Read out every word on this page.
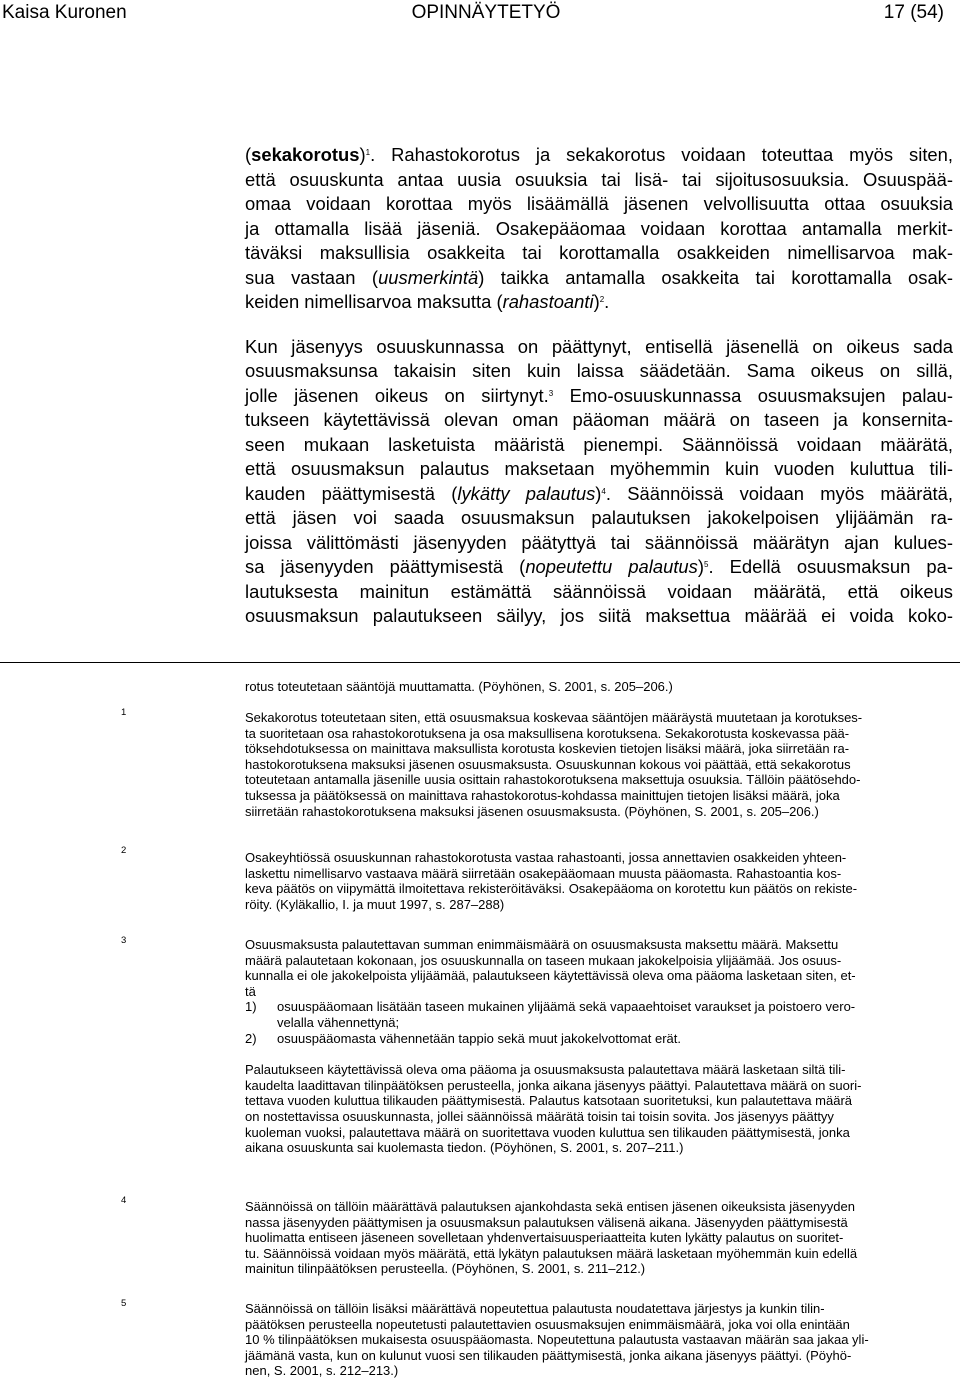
Kaisa Kuronen	OPINNÄYTETYÖ	17 (54)

(sekakorotus)$^1$. Rahastokorotus ja sekakorotus voidaan toteuttaa myös siten,
että osuuskunta antaa uusia osuuksia tai lisä- tai sijoitusosuuksia. Osuuspää-
omaa voidaan korottaa myös lisäämällä jäsenen velvollisuutta ottaa osuuksia
ja ottamalla lisää jäseniä. Osakepääomaa voidaan korottaa antamalla merkit-
täväksi maksullisia osakkeita tai korottamalla osakkeiden nimellisarvoa mak-
sua vastaan (uusmerkintä) taikka antamalla osakkeita tai korottamalla osak-
keiden nimellisarvoa maksutta (rahastoanti)$^2$.

Kun jäsenyys osuuskunnassa on päättynyt, entisellä jäsenellä on oikeus sada
osuusmaksunsa takaisin siten kuin laissa säädetään. Sama oikeus on sillä,
jolle jäsenen oikeus on siirtynyt.$^3$ Emo-osuuskunnassa osuusmaksujen palau-
tukseen käytettävissä olevan oman pääoman määrä on taseen ja konsernita-
seen mukaan lasketuista määristä pienempi. Säännöissä voidaan määrätä,
että osuusmaksun palautus maksetaan myöhemmin kuin vuoden kuluttua tili-
kauden päättymisestä (lykätty palautus)$^4$. Säännöissä voidaan myös määrätä,
että jäsen voi saada osuusmaksun palautuksen jakokelpoisen ylijäämän ra-
joissa välittömästi jäsenyyden päätyttyä tai säännöissä määrätyn ajan kulues-
sa jäsenyyden päättymisestä (nopeutettu palautus)$^5$. Edellä osuusmaksun pa-
lautuksesta mainitun estämättä säännöissä voidaan määrätä, että oikeus
osuusmaksun palautukseen säilyy, jos siitä maksettua määrää ei voida koko-

rotus toteutetaan sääntöjä muuttamatta. (Pöyhönen, S. 2001, s. 205–206.)
1	Sekakorotus toteutetaan siten, että osuusmaksua koskevaa sääntöjen määräystä muutetaan ja korotukses-
ta suoritetaan osa rahastokorotuksena ja osa maksullisena korotuksena. Sekakorotusta koskevassa pää-
töksehdotuksessa on mainittava maksullista korotusta koskevien tietojen lisäksi määrä, joka siirretään ra-
hastokorotuksena maksuksi jäsenen osuusmaksusta. Osuuskunnan kokous voi päättää, että sekakorotus
toteutetaan antamalla jäsenille uusia osittain rahastokorotuksena maksettuja osuuksia. Tällöin päätösehdo-
tuksessa ja päätöksessä on mainittava rahastokorotus-kohdassa mainittujen tietojen lisäksi määrä, joka
siirretään rahastokorotuksena maksuksi jäsenen osuusmaksusta. (Pöyhönen, S. 2001, s. 205–206.)
2	Osakeyhtiössä osuuskunnan rahastokorotusta vastaa rahastoanti, jossa annettavien osakkeiden yhteen-
laskettu nimellisarvo vastaava määrä siirretään osakepääomaan muusta pääomasta. Rahastoantia kos-
keva päätös on viipymättä ilmoitettava rekisteröitäväksi. Osakepääoma on korotettu kun päätös on rekiste-
röity. (Kyläkallio, I. ja muut 1997, s. 287–288)
3	Osuusmaksusta palautettavan summan enimmäismäärä on osuusmaksusta maksettu määrä. Maksettu
määrä palautetaan kokonaan, jos osuuskunnalla on taseen mukaan jakokelpoisia ylijäämää. Jos osuus-
kunnalla ei ole jakokelpoista ylijäämää, palautukseen käytettävissä oleva oma pääoma lasketaan siten, et-
tä
1)	osuuspääomaan lisätään taseen mukainen ylijäämä sekä vapaaehtoiset varaukset ja poistoero vero-
velalla vähennettynä;
2)	osuuspääomasta vähennetään tappio sekä muut jakokelvottomat erät.
Palautukseen käytettävissä oleva oma pääoma ja osuusmaksusta palautettava määrä lasketaan siltä tili-
kaudelta laadittavan tilinpäätöksen perusteella, jonka aikana jäsenyys päättyi. Palautettava määrä on suori-
tettava vuoden kuluttua tilikauden päättymisestä. Palautus katsotaan suoritetuksi, kun palautettava määrä
on nostettavissa osuuskunnasta, jollei säännöissä määrätä toisin tai toisin sovita. Jos jäsenyys päättyy
kuoleman vuoksi, palautettava määrä on suoritettava vuoden kuluttua sen tilikauden päättymisestä, jonka
aikana osuuskunta sai kuolemasta tiedon. (Pöyhönen, S. 2001, s. 207–211.)
4	Säännöissä on tällöin määrättävä palautuksen ajankohdasta sekä entisen jäsenen oikeuksista jäsenyyden
nassa jäsenyyden päättymisen ja osuusmaksun palautuksen välisenä aikana. Jäsenyyden päättymisestä
huolimatta entiseen jäseneen sovelletaan yhdenvertaisuusperiaatteita kuten lykätty palautus on suoritet-
tu. Säännöissä voidaan myös määrätä, että lykätyn palautuksen määrä lasketaan myöhemmän kuin edellä
mainitun tilinpäätöksen perusteella. (Pöyhönen, S. 2001, s. 211–212.)
5	Säännöissä on tällöin lisäksi määrättävä nopeutettua palautusta noudatettava järjestys ja kunkin tilin-
päätöksen perusteella nopeutetusti palautettavien osuusmaksujen enimmäismäärä, joka voi olla enintään
10 % tilinpäätöksen mukaisesta osuuspääomasta. Nopeutettuna palautusta vastaavan määrän saa jakaa yli-
jäämänä vasta, kun on kulunut vuosi sen tilikauden päättymisestä, jonka aikana jäsenyys päättyi. (Pöyhö-
nen, S. 2001, s. 212–213.)
